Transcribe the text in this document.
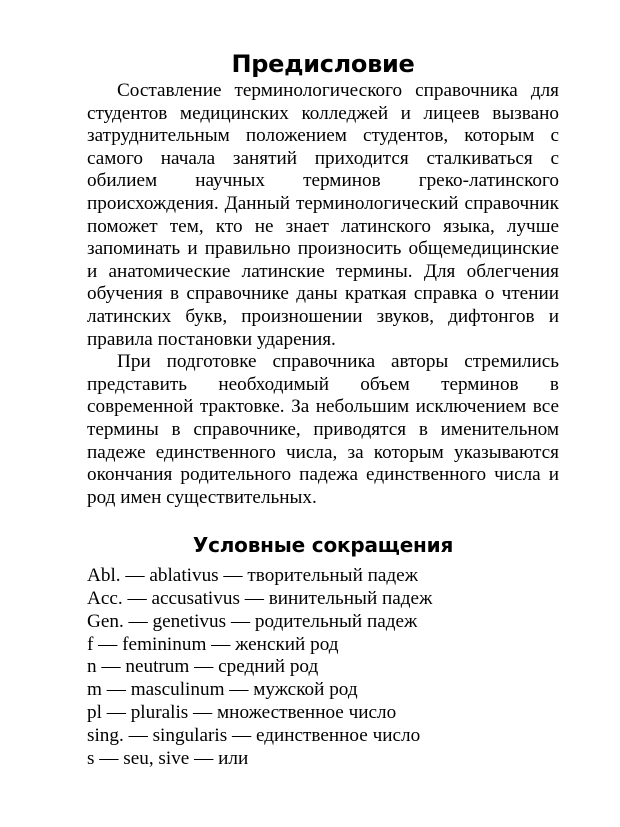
Предисловие

Составление терминологического справочника для студентов медицинских колледжей и лицеев вызвано затруднительным положением студентов, которым с самого начала занятий приходится сталкиваться с обилием научных терминов греко-латинского происхождения. Данный терминологический справочник поможет тем, кто не знает латинского языка, лучше запоминать и правильно произносить общемедицинские и анатомические латинские термины. Для облегчения обучения в справочнике даны краткая справка о чтении латинских букв, произношении звуков, дифтонгов и правила постановки ударения.

При подготовке справочника авторы стремились представить необходимый объем терминов в современной трактовке. За небольшим исключением все термины в справочнике, приводятся в именительном падеже единственного числа, за которым указываются окончания родительного падежа единственного числа и род имен существительных.

Условные сокращения
Abl. — ablativus — творительный падеж
Acc. — accusativus — винительный падеж
Gen. — genetivus — родительный падеж
f — femininum — женский род
n — neutrum — средний род
m — masculinum — мужской род
pl — pluralis — множественное число
sing. — singularis — единственное число
s — seu, sive — или
